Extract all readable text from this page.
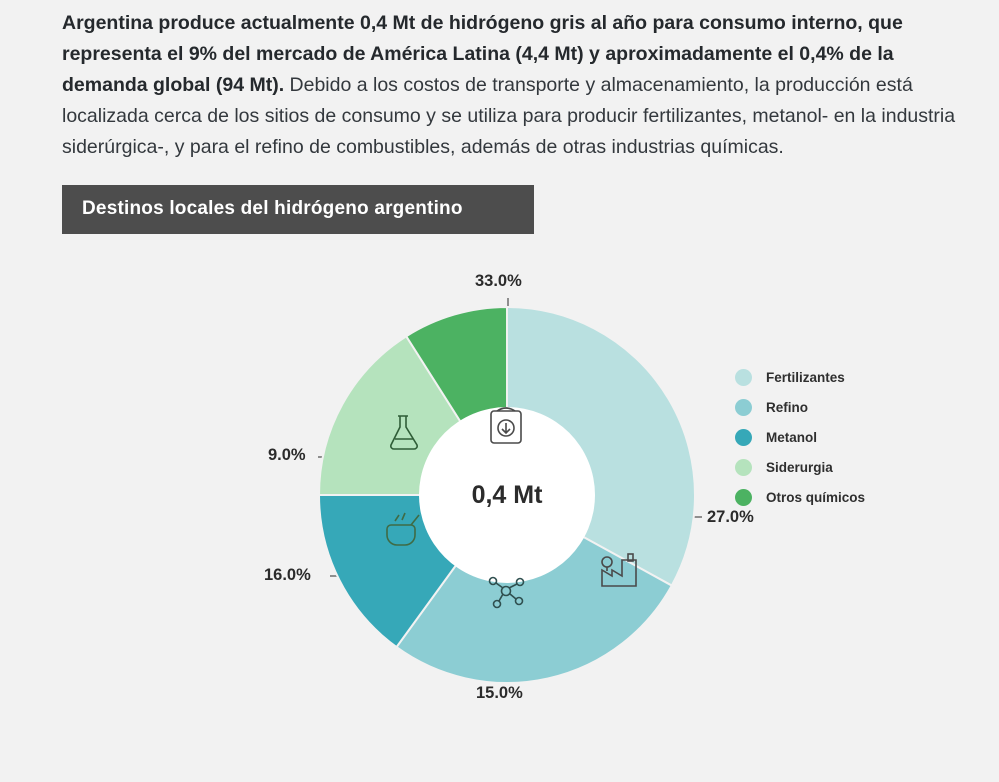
Argentina produce actualmente 0,4 Mt de hidrógeno gris al año para consumo interno, que representa el 9% del mercado de América Latina (4,4 Mt) y aproximadamente el 0,4% de la demanda global (94 Mt). Debido a los costos de transporte y almacenamiento, la producción está localizada cerca de los sitios de consumo y se utiliza para producir fertilizantes, metanol- en la industria siderúrgica-, y para el refino de combustibles, además de otras industrias químicas.
Destinos locales del hidrógeno argentino
33.0%
27.0%
15.0%
16.0%
9.0%
0,4 Mt
Fertilizantes
Refino
Metanol
Siderurgia
Otros químicos
